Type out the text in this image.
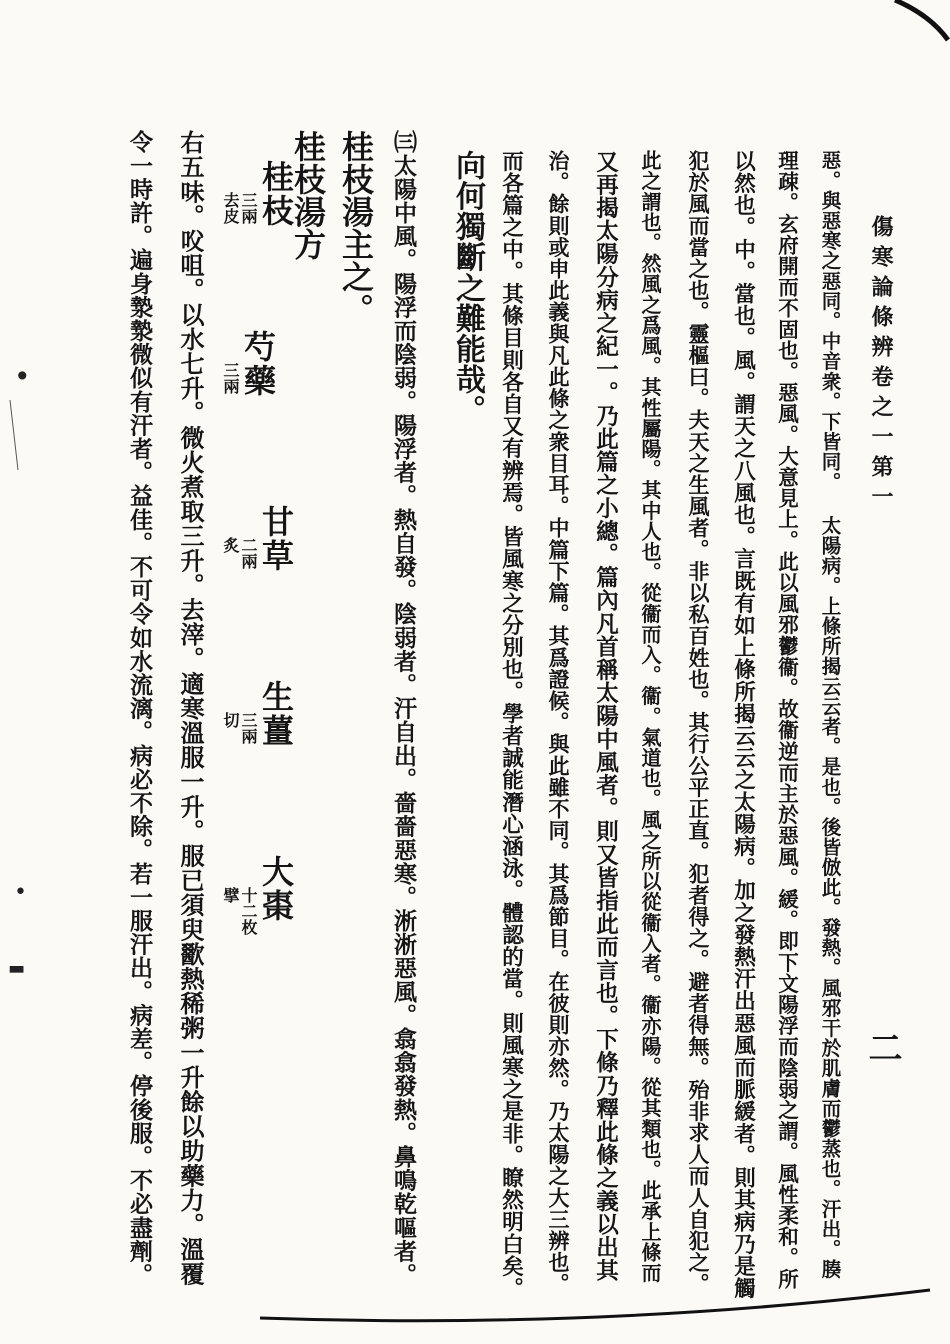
傷寒論條辨卷之一第一
二
惡。與惡寒之惡同。中音衆。下皆同。 太陽病。上條所揭云云者。是也。後皆倣此。發熱。風邪干於肌膚而鬱蒸也。汗出。腠
理疎。玄府開而不固也。惡風。大意見上。此以風邪鬱衞。故衞逆而主於惡風。緩。即下文陽浮而陰弱之謂。風性柔和。所
以然也。中。當也。風。謂天之八風也。言既有如上條所揭云云之太陽病。加之發熱汗出惡風而脈緩者。則其病乃是觸
犯於風而當之也。靈樞曰。夫天之生風者。非以私百姓也。其行公平正直。犯者得之。避者得無。殆非求人而人自犯之。
此之謂也。然風之爲風。其性屬陽。其中人也。從衞而入。衞。氣道也。風之所以從衞入者。衞亦陽。從其類也。此承上條而
又再揭太陽分病之紀一。乃此篇之小總。篇內凡首稱太陽中風者。則又皆指此而言也。下條乃釋此條之義以出其
治。餘則或申此義與凡此條之衆目耳。中篇下篇。其爲證候。與此雖不同。其爲節目。在彼則亦然。乃太陽之大三辨也。
而各篇之中。其條目則各自又有辨焉。皆風寒之分別也。學者誠能潛心涵泳。體認的當。則風寒之是非。瞭然明白矣。
向何獨斷之難能哉。
㈢太陽中風。陽浮而陰弱。陽浮者。熱自發。陰弱者。汗自出。嗇嗇惡寒。淅淅惡風。翕翕發熱。鼻鳴乾嘔者。
桂枝湯主之。
桂枝湯方
桂枝
三兩
去皮
芍藥
三兩
甘草
二兩
炙
生薑
三兩
切
大棗
十二枚
擘
右五味。㕮咀。以水七升。微火煮取三升。去滓。適寒溫服一升。服已須臾歠熱稀粥一升餘以助藥力。溫覆
令一時許。遍身漐漐微似有汗者。益佳。不可令如水流漓。病必不除。若一服汗出。病差。停後服。不必盡劑。
•
•
▬
